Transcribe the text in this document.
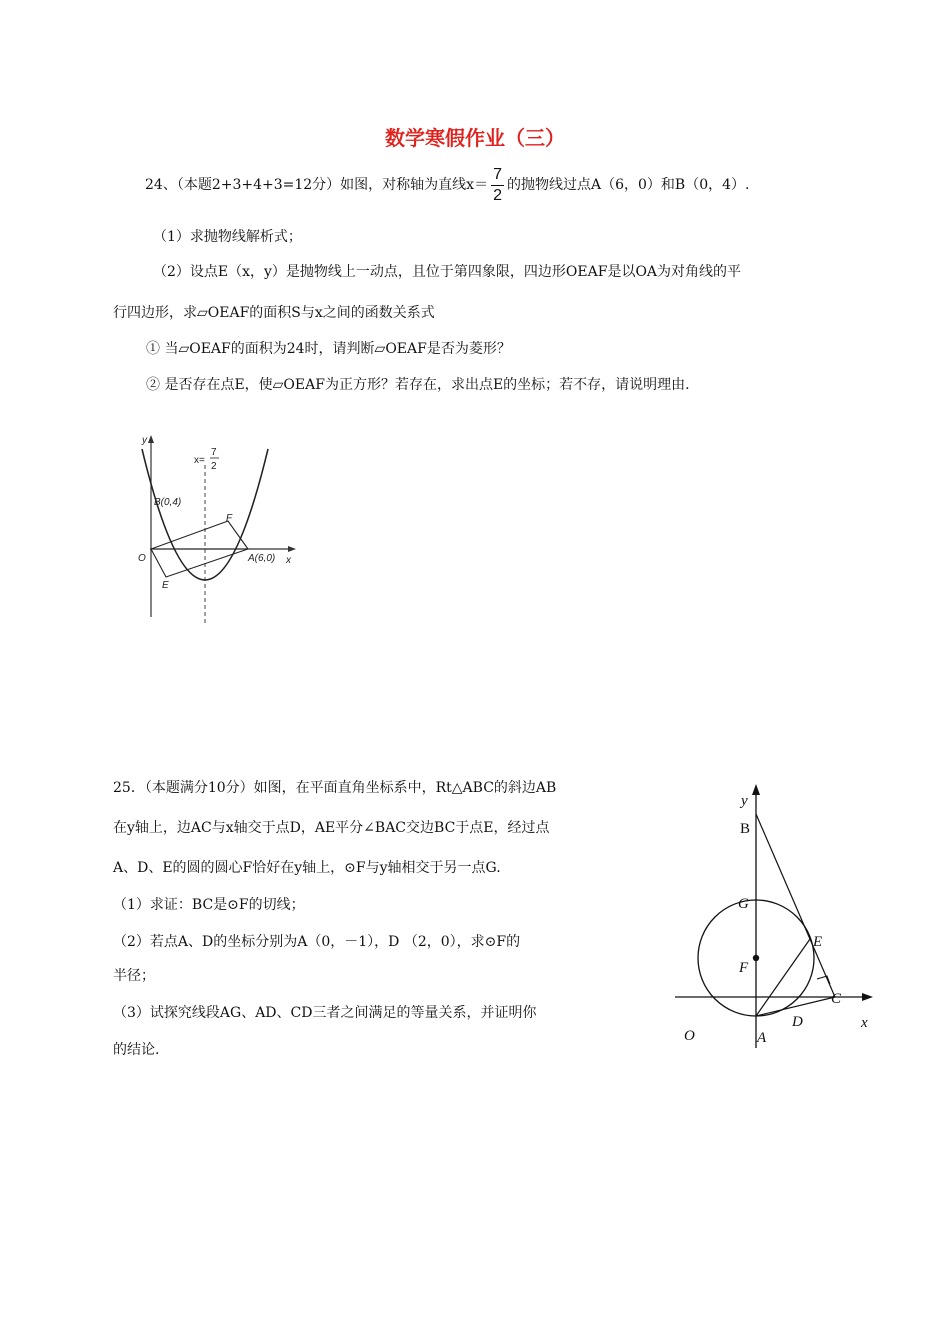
数学寒假作业（三）
24、（本题2+3+4+3=12分）如图，对称轴为直线$x= \frac{7}{2}$ 的抛物线过点A（6，0）和B（0，4）.
（1）求抛物线解析式；
（2）设点E（x，y）是抛物线上一动点，且位于第四象限，四边形OEAF是以OA为对角线的平
行四边形，求▱OEAF的面积S与x之间的函数关系式
① 当▱OEAF的面积为24时，请判断▱OEAF是否为菱形？
② 是否存在点E，使▱OEAF为正方形？若存在，求出点E的坐标；若不存，请说明理由.
y
x
x=
7
2
B(0,4)
F
O	A(6,0)
E
25．（本题满分10分）如图，在平面直角坐标系中，Rt△ABC的斜边AB
在y轴上，边AC与x轴交于点D，AE平分∠BAC交边BC于点E，经过点
A、D、E的圆的圆心F恰好在y轴上，⊙F与y轴相交于另一点G.
（1）求证：BC是⊙F的切线；
（2）若点A、D的坐标分别为A（0，－1），D （2，0），求⊙F的
半径；
（3）试探究线段AG、AD、CD三者之间满足的等量关系，并证明你
的结论.
y
B
G
E
F
C
D	x
O	A
